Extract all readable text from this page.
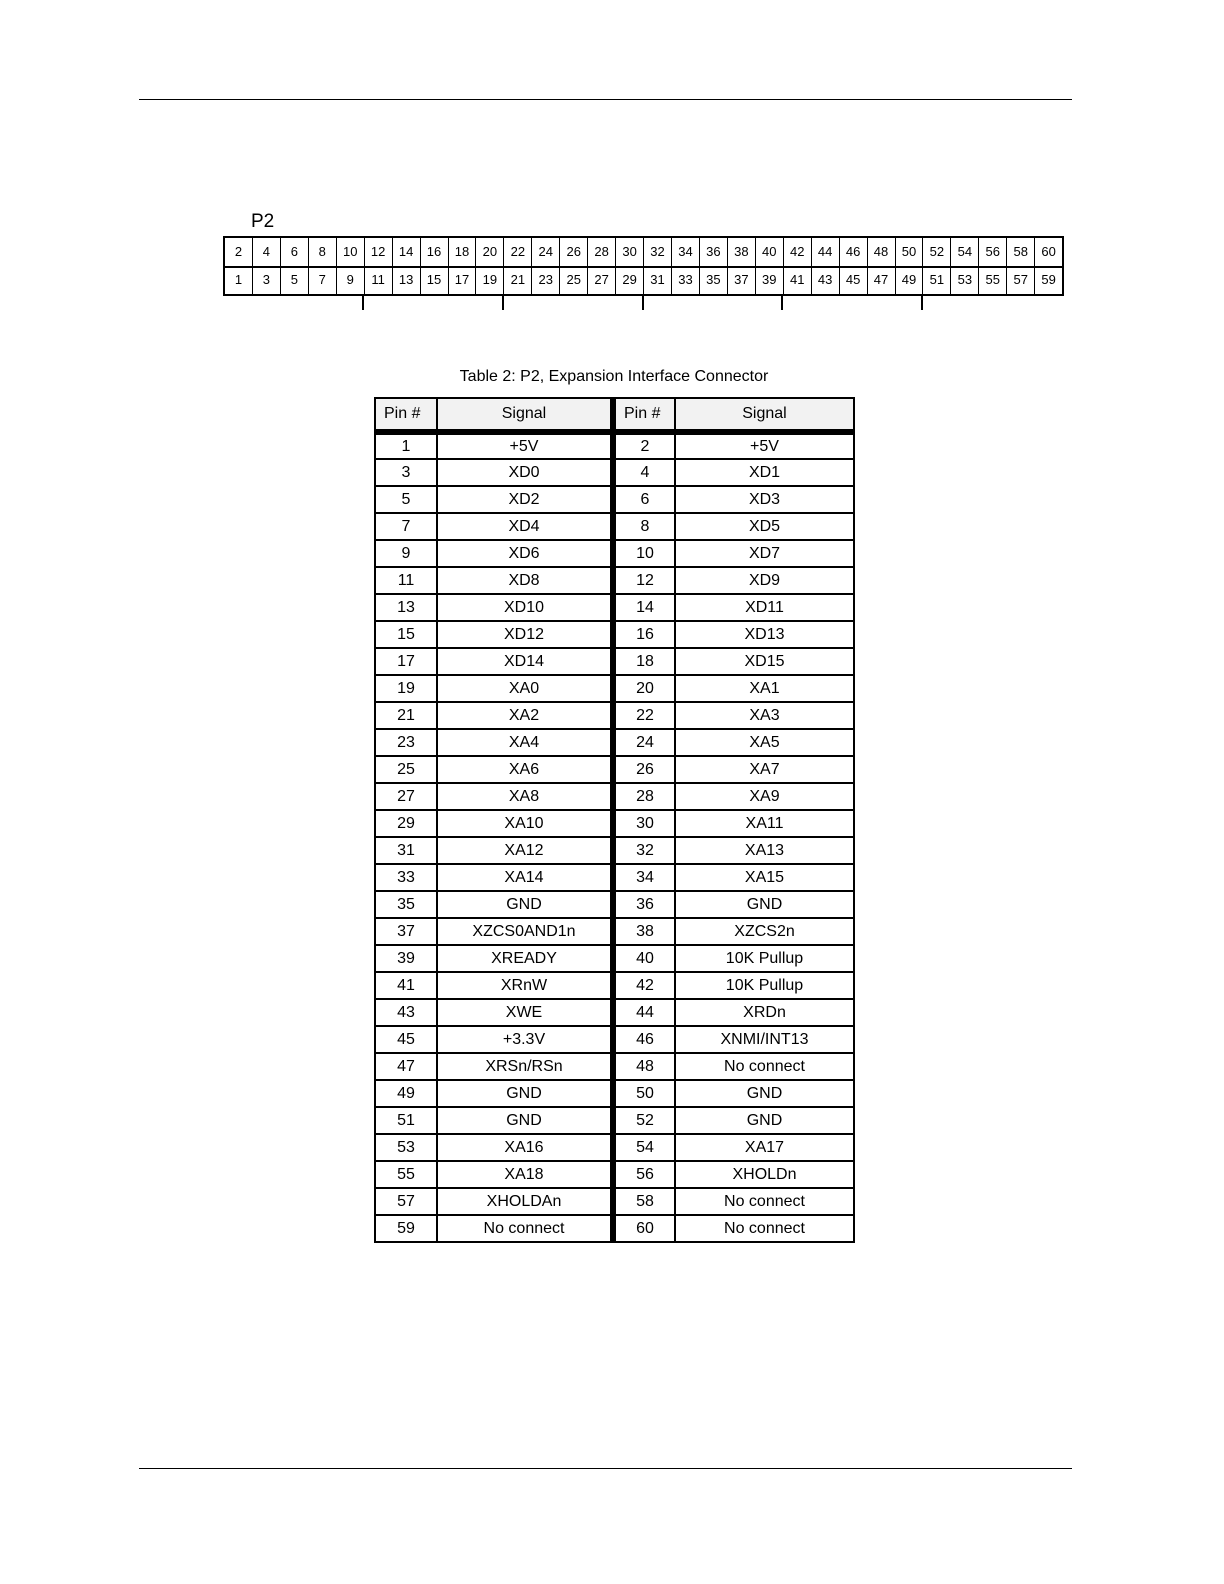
P2
2	4	6	8	10	12	14	16	18	20	22	24	26	28	30	32	34	36	38	40	42	44	46	48	50	52	54	56	58	60
1	3	5	7	9	11	13	15	17	19	21	23	25	27	29	31	33	35	37	39	41	43	45	47	49	51	53	55	57	59
Table 2: P2, Expansion Interface Connector
Pin #	Signal	Pin #	Signal
1	+5V	2	+5V
3	XD0	4	XD1
5	XD2	6	XD3
7	XD4	8	XD5
9	XD6	10	XD7
11	XD8	12	XD9
13	XD10	14	XD11
15	XD12	16	XD13
17	XD14	18	XD15
19	XA0	20	XA1
21	XA2	22	XA3
23	XA4	24	XA5
25	XA6	26	XA7
27	XA8	28	XA9
29	XA10	30	XA11
31	XA12	32	XA13
33	XA14	34	XA15
35	GND	36	GND
37	XZCS0AND1n	38	XZCS2n
39	XREADY	40	10K Pullup
41	XRnW	42	10K Pullup
43	XWE	44	XRDn
45	+3.3V	46	XNMI/INT13
47	XRSn/RSn	48	No connect
49	GND	50	GND
51	GND	52	GND
53	XA16	54	XA17
55	XA18	56	XHOLDn
57	XHOLDAn	58	No connect
59	No connect	60	No connect
